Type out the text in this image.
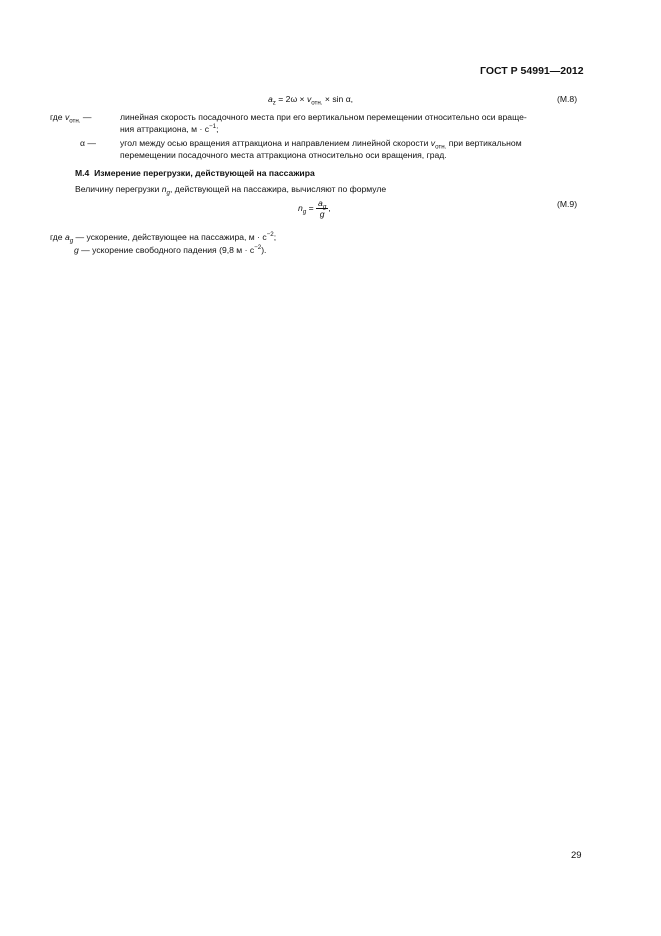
ГОСТ Р 54991—2012
$a_z = 2\omega \times v_{отн.} \times \sin \alpha$,	(М.8)
где $v_{отн.}$ —	линейная скорость посадочного места при его вертикальном перемещении относительно оси враще-
ния аттракциона, $м \cdot с^{-1}$;
α —	угол между осью вращения аттракциона и направлением линейной скорости $v_{отн.}$ при вертикальном
перемещении посадочного места аттракциона относительно оси вращения, град.
М.4 Измерение перегрузки, действующей на пассажира
Величину перегрузки $n_g$, действующей на пассажира, вычисляют по формуле
$n_g = \frac{a_g}{g}$ ,	(М.9)
где $a_g$ — ускорение, действующее на пассажира, $м \cdot с^{-2}$;
g — ускорение свободного падения (9,8 $м \cdot с^{-2}$).
29
